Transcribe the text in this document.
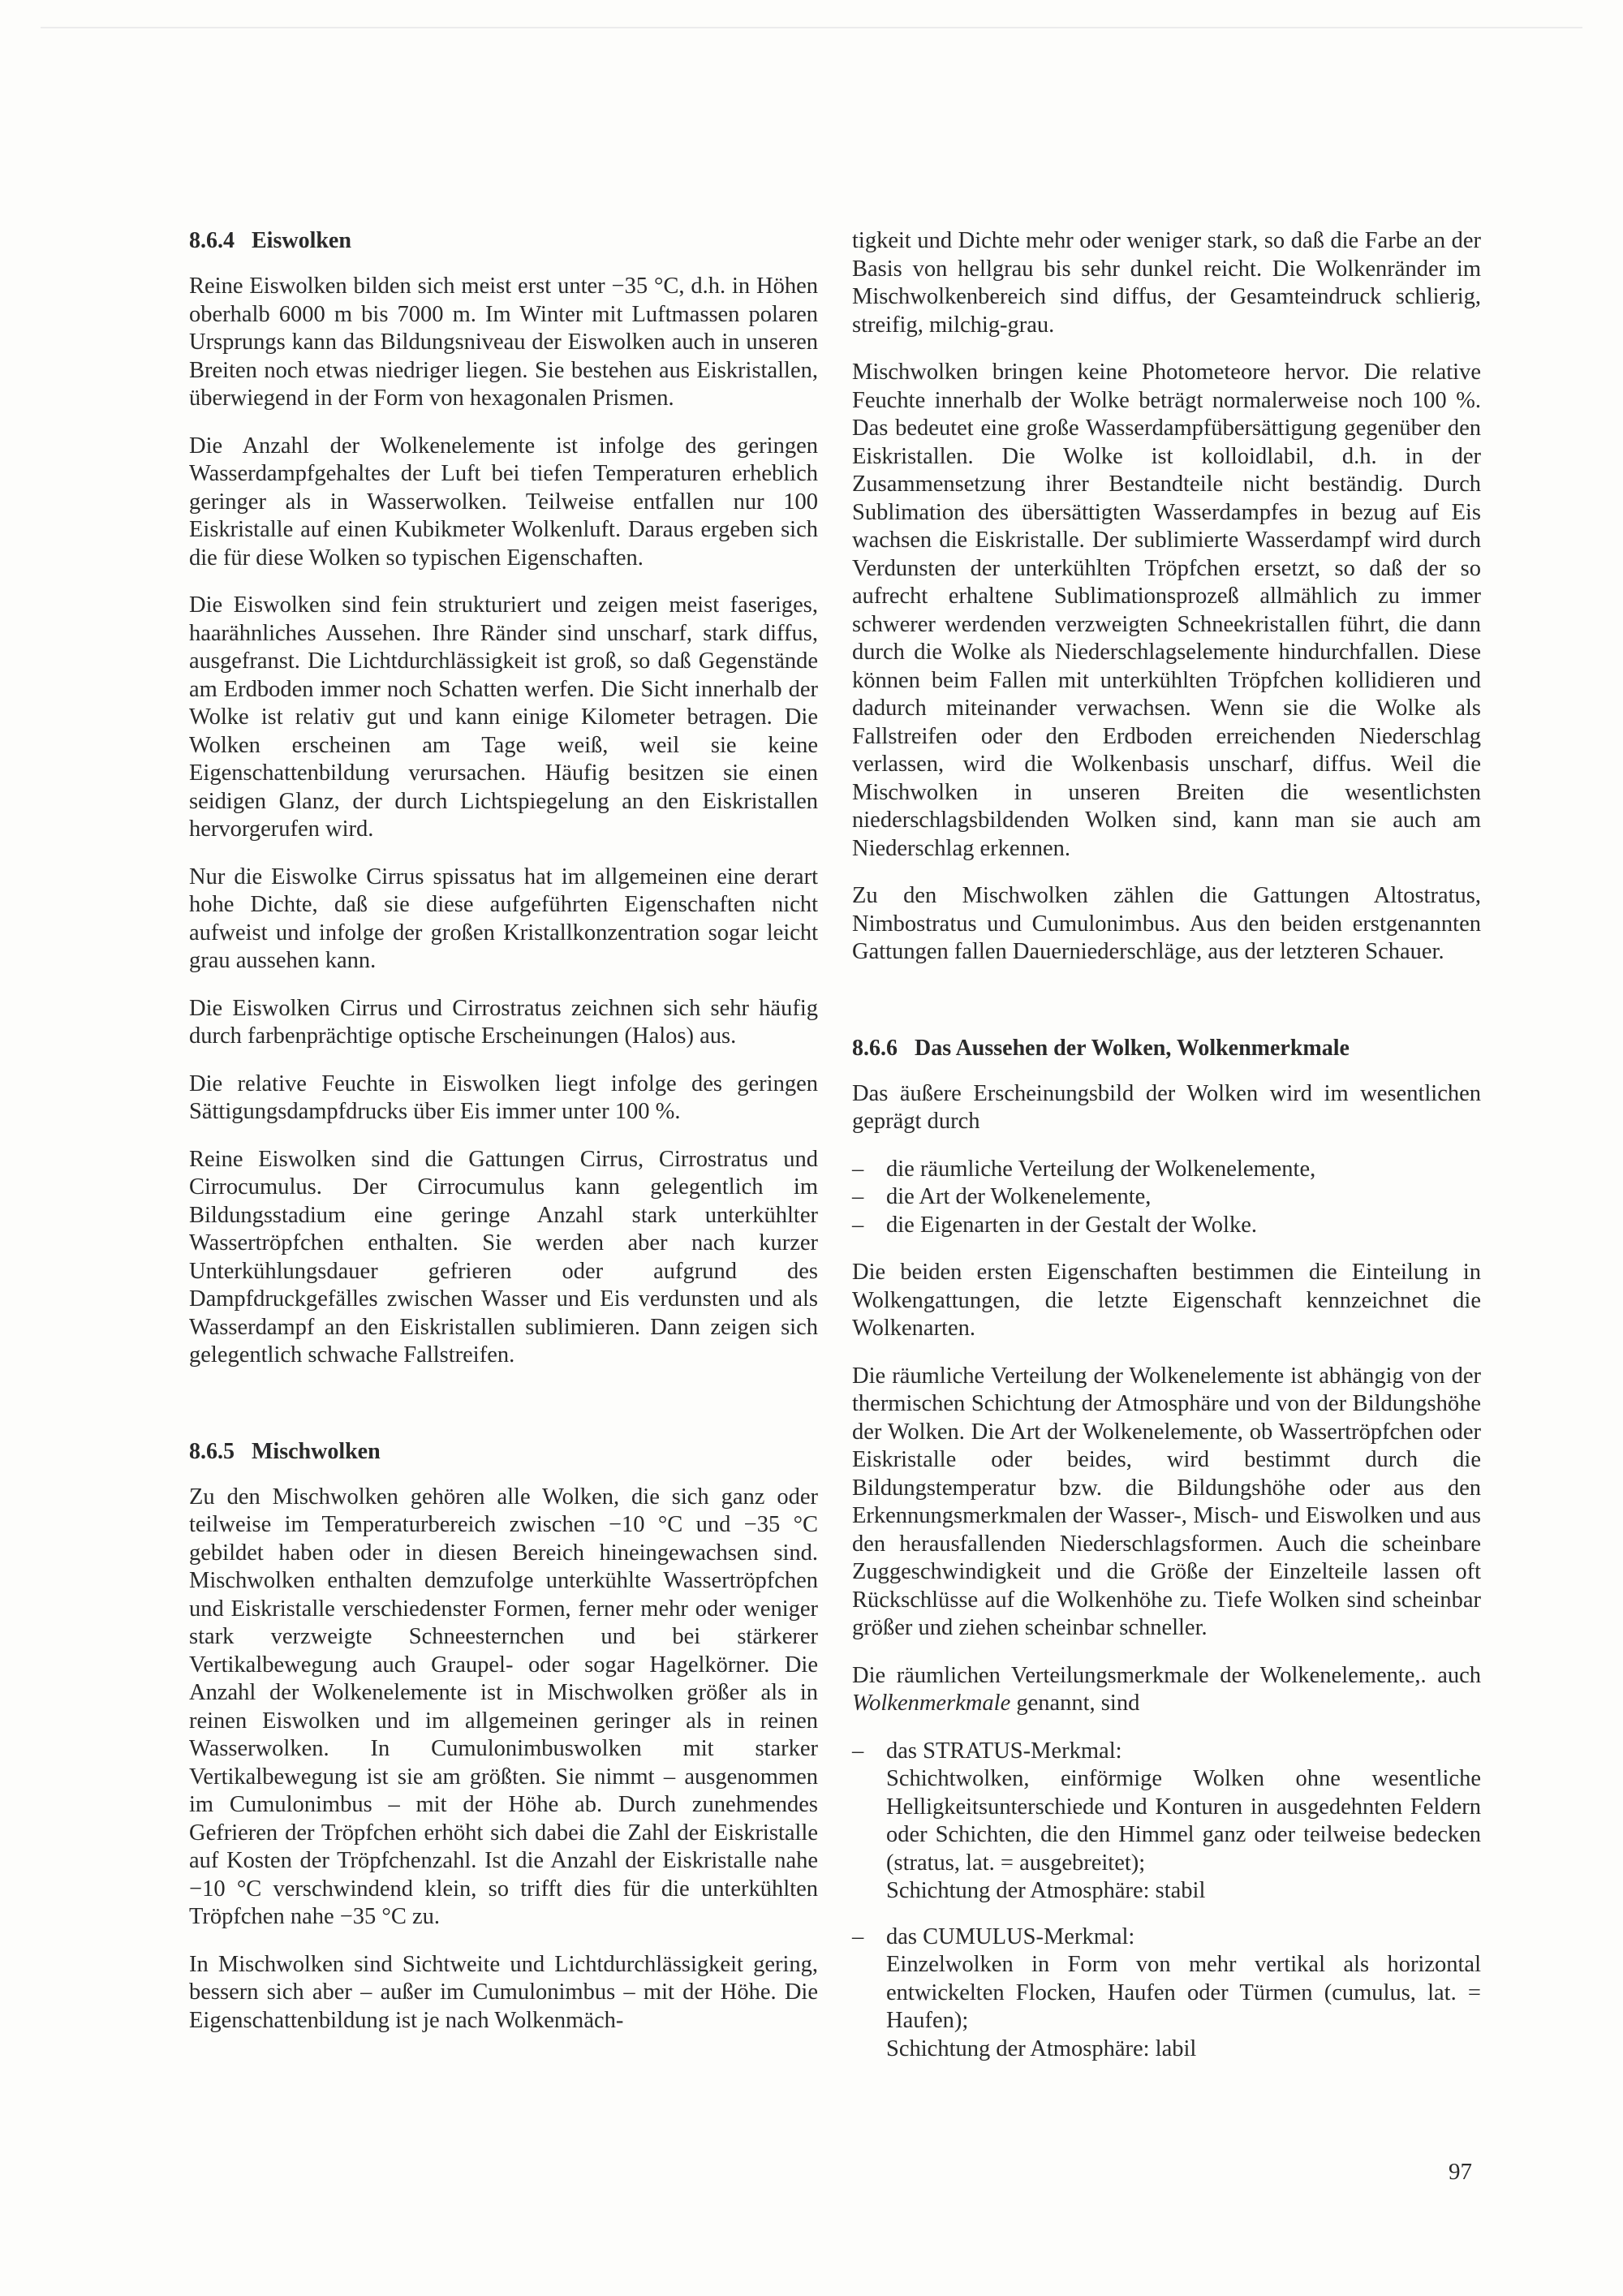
8.6.4 Eiswolken

Reine Eiswolken bilden sich meist erst unter −35 °C, d.h. in Höhen oberhalb 6000 m bis 7000 m. Im Winter mit Luftmassen polaren Ursprungs kann das Bildungsniveau der Eiswolken auch in unseren Breiten noch etwas niedriger liegen. Sie bestehen aus Eiskristallen, überwiegend in der Form von hexagonalen Prismen.

Die Anzahl der Wolkenelemente ist infolge des geringen Wasserdampfgehaltes der Luft bei tiefen Temperaturen erheblich geringer als in Wasserwolken. Teilweise entfallen nur 100 Eiskristalle auf einen Kubikmeter Wolkenluft. Daraus ergeben sich die für diese Wolken so typischen Eigenschaften.

Die Eiswolken sind fein strukturiert und zeigen meist faseriges, haarähnliches Aussehen. Ihre Ränder sind unscharf, stark diffus, ausgefranst. Die Lichtdurchlässigkeit ist groß, so daß Gegenstände am Erdboden immer noch Schatten werfen. Die Sicht innerhalb der Wolke ist relativ gut und kann einige Kilometer betragen. Die Wolken erscheinen am Tage weiß, weil sie keine Eigenschattenbildung verursachen. Häufig besitzen sie einen seidigen Glanz, der durch Lichtspiegelung an den Eiskristallen hervorgerufen wird.

Nur die Eiswolke Cirrus spissatus hat im allgemeinen eine derart hohe Dichte, daß sie diese aufgeführten Eigenschaften nicht aufweist und infolge der großen Kristallkonzentration sogar leicht grau aussehen kann.

Die Eiswolken Cirrus und Cirrostratus zeichnen sich sehr häufig durch farbenprächtige optische Erscheinungen (Halos) aus.

Die relative Feuchte in Eiswolken liegt infolge des geringen Sättigungsdampfdrucks über Eis immer unter 100 %.

Reine Eiswolken sind die Gattungen Cirrus, Cirrostratus und Cirrocumulus. Der Cirrocumulus kann gelegentlich im Bildungsstadium eine geringe Anzahl stark unterkühlter Wassertröpfchen enthalten. Sie werden aber nach kurzer Unterkühlungsdauer gefrieren oder aufgrund des Dampfdruckgefälles zwischen Wasser und Eis verdunsten und als Wasserdampf an den Eiskristallen sublimieren. Dann zeigen sich gelegentlich schwache Fallstreifen.

8.6.5 Mischwolken

Zu den Mischwolken gehören alle Wolken, die sich ganz oder teilweise im Temperaturbereich zwischen −10 °C und −35 °C gebildet haben oder in diesen Bereich hineingewachsen sind. Mischwolken enthalten demzufolge unterkühlte Wassertröpfchen und Eiskristalle verschiedenster Formen, ferner mehr oder weniger stark verzweigte Schneesternchen und bei stärkerer Vertikalbewegung auch Graupel- oder sogar Hagelkörner. Die Anzahl der Wolkenelemente ist in Mischwolken größer als in reinen Eiswolken und im allgemeinen geringer als in reinen Wasserwolken. In Cumulonimbuswolken mit starker Vertikalbewegung ist sie am größten. Sie nimmt – ausgenommen im Cumulonimbus – mit der Höhe ab. Durch zunehmendes Gefrieren der Tröpfchen erhöht sich dabei die Zahl der Eiskristalle auf Kosten der Tröpfchenzahl. Ist die Anzahl der Eiskristalle nahe −10 °C verschwindend klein, so trifft dies für die unterkühlten Tröpfchen nahe −35 °C zu.

In Mischwolken sind Sichtweite und Lichtdurchlässigkeit gering, bessern sich aber – außer im Cumulonimbus – mit der Höhe. Die Eigenschattenbildung ist je nach Wolkenmäch-

tigkeit und Dichte mehr oder weniger stark, so daß die Farbe an der Basis von hellgrau bis sehr dunkel reicht. Die Wolkenränder im Mischwolkenbereich sind diffus, der Gesamteindruck schlierig, streifig, milchig-grau.

Mischwolken bringen keine Photometeore hervor. Die relative Feuchte innerhalb der Wolke beträgt normalerweise noch 100 %. Das bedeutet eine große Wasserdampfübersättigung gegenüber den Eiskristallen. Die Wolke ist kolloidlabil, d.h. in der Zusammensetzung ihrer Bestandteile nicht beständig. Durch Sublimation des übersättigten Wasserdampfes in bezug auf Eis wachsen die Eiskristalle. Der sublimierte Wasserdampf wird durch Verdunsten der unterkühlten Tröpfchen ersetzt, so daß der so aufrecht erhaltene Sublimationsprozeß allmählich zu immer schwerer werdenden verzweigten Schneekristallen führt, die dann durch die Wolke als Niederschlagselemente hindurchfallen. Diese können beim Fallen mit unterkühlten Tröpfchen kollidieren und dadurch miteinander verwachsen. Wenn sie die Wolke als Fallstreifen oder den Erdboden erreichenden Niederschlag verlassen, wird die Wolkenbasis unscharf, diffus. Weil die Mischwolken in unseren Breiten die wesentlichsten niederschlagsbildenden Wolken sind, kann man sie auch am Niederschlag erkennen.

Zu den Mischwolken zählen die Gattungen Altostratus, Nimbostratus und Cumulonimbus. Aus den beiden erstgenannten Gattungen fallen Dauerniederschläge, aus der letzteren Schauer.

8.6.6 Das Aussehen der Wolken, Wolkenmerkmale

Das äußere Erscheinungsbild der Wolken wird im wesentlichen geprägt durch

– die räumliche Verteilung der Wolkenelemente,
– die Art der Wolkenelemente,
– die Eigenarten in der Gestalt der Wolke.

Die beiden ersten Eigenschaften bestimmen die Einteilung in Wolkengattungen, die letzte Eigenschaft kennzeichnet die Wolkenarten.

Die räumliche Verteilung der Wolkenelemente ist abhängig von der thermischen Schichtung der Atmosphäre und von der Bildungshöhe der Wolken. Die Art der Wolkenelemente, ob Wassertröpfchen oder Eiskristalle oder beides, wird bestimmt durch die Bildungstemperatur bzw. die Bildungshöhe oder aus den Erkennungsmerkmalen der Wasser-, Misch- und Eiswolken und aus den herausfallenden Niederschlagsformen. Auch die scheinbare Zuggeschwindigkeit und die Größe der Einzelteile lassen oft Rückschlüsse auf die Wolkenhöhe zu. Tiefe Wolken sind scheinbar größer und ziehen scheinbar schneller.

Die räumlichen Verteilungsmerkmale der Wolkenelemente,. auch Wolkenmerkmale genannt, sind

– das STRATUS-Merkmal:
Schichtwolken, einförmige Wolken ohne wesentliche Helligkeitsunterschiede und Konturen in ausgedehnten Feldern oder Schichten, die den Himmel ganz oder teilweise bedecken (stratus, lat. = ausgebreitet);
Schichtung der Atmosphäre: stabil
– das CUMULUS-Merkmal:
Einzelwolken in Form von mehr vertikal als horizontal entwickelten Flocken, Haufen oder Türmen (cumulus, lat. = Haufen);
Schichtung der Atmosphäre: labil
97
